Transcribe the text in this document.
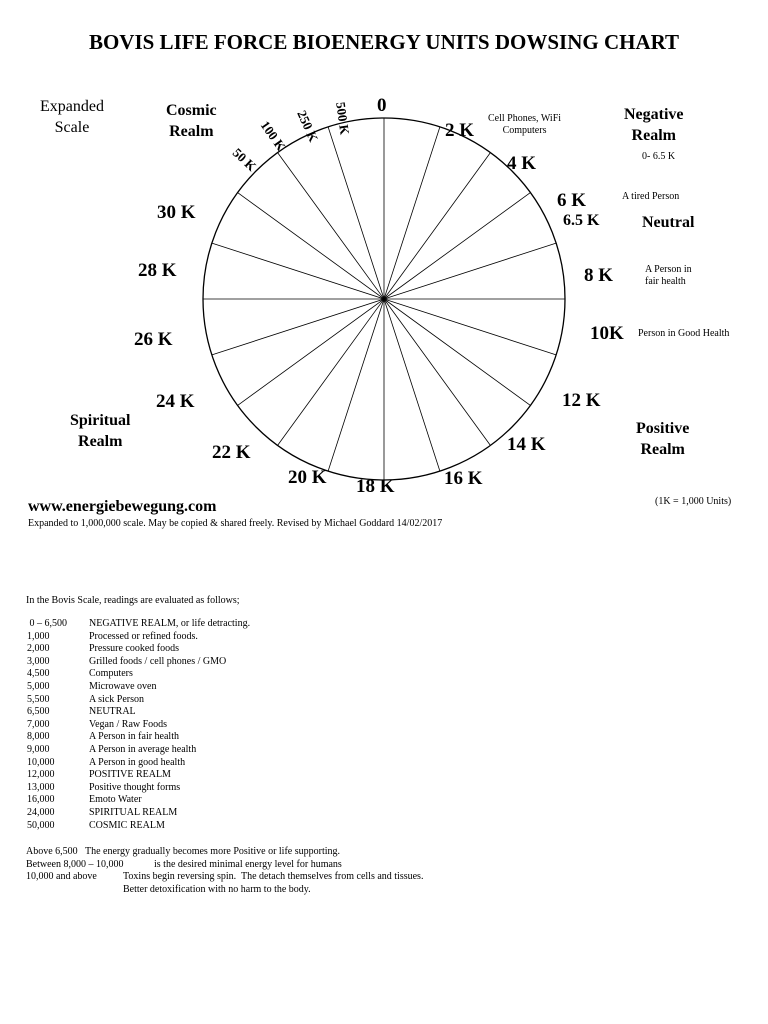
BOVIS LIFE FORCE BIOENERGY UNITS DOWSING CHART
Expanded
Scale
Cosmic
Realm
50 K
100 K 250 K 500 K 0
2 K
4 K
6 K
6.5 K
8 K
10K
12 K
14 K
16 K
18 K
20 K
22 K
24 K
26 K
28 K
30 K
Cell Phones, WiFi
Computers
Negative
Realm
0- 6.5 K
A tired Person
Neutral
A Person in
fair health
Person in Good Health
Positive
Realm
Spiritual
Realm
www.energiebewegung.com
Expanded to 1,000,000 scale. May be copied & shared freely. Revised by Michael Goddard 14/02/2017
(1K = 1,000 Units)
In the Bovis Scale, readings are evaluated as follows;
0 – 6,500	NEGATIVE REALM, or life detracting.
1,000	Processed or refined foods.
2,000	Pressure cooked foods
3,000	Grilled foods / cell phones / GMO
4,500	Computers
5,000	Microwave oven
5,500	A sick Person
6,500	NEUTRAL
7,000	Vegan / Raw Foods
8,000	A Person in fair health
9,000	A Person in average health
10,000	A Person in good health
12,000	POSITIVE REALM
13,000	Positive thought forms
16,000	Emoto Water
24,000	SPIRITUAL REALM
50,000	COSMIC REALM
Above 6,500   The energy gradually becomes more Positive or life supporting.
Between 8,000 – 10,000	is the desired minimal energy level for humans
10,000 and above	Toxins begin reversing spin.  The detach themselves from cells and tissues.
Better detoxification with no harm to the body.
